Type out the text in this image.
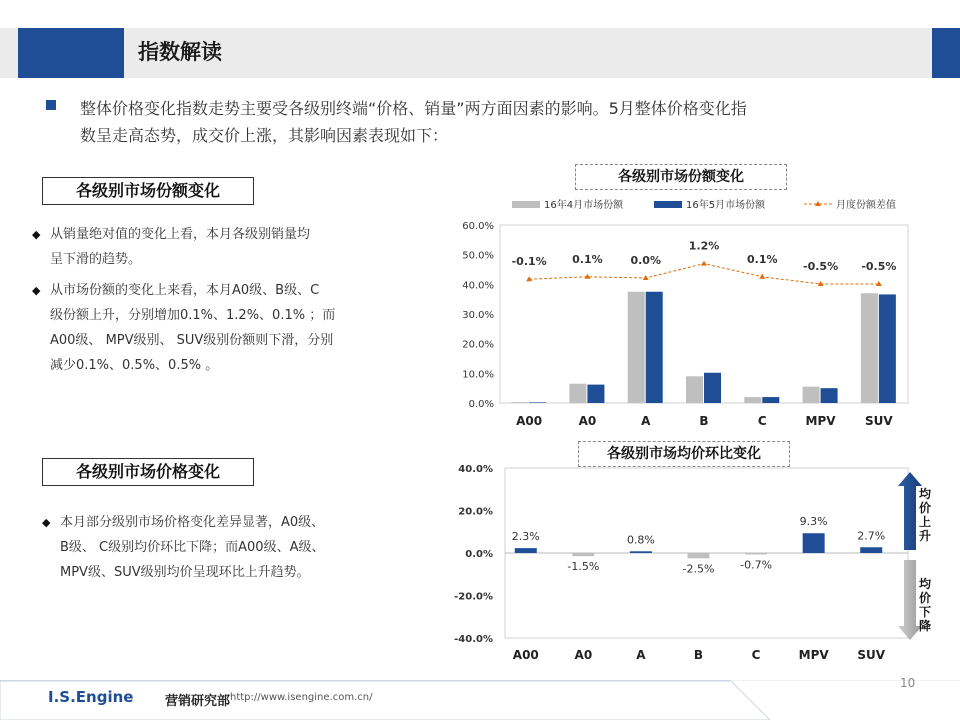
指数解读
整体价格变化指数走势主要受各级别终端“价格、销量”两方面因素的影响。5月整体价格变化指
数呈走高态势，成交价上涨，其影响因素表现如下：
各级别市场份额变化
◆ 从销量绝对值的变化上看，本月各级别销量均
呈下滑的趋势。
◆ 从市场份额的变化上来看，本月A0级、B级、C
级份额上升，分别增加0.1%、1.2%、0.1% ；而
A00级、 MPV级别、 SUV级别份额则下滑，分别
减少0.1%、0.5%、0.5% 。
各级别市场价格变化
◆ 本月部分级别市场价格变化差异显著，A0级、
B级、 C级别均价环比下降；而A00级、A级、
MPV级、SUV级别均价呈现环比上升趋势。
各级别市场份额变化
0.0%
10.0%
20.0%
30.0%
40.0%
50.0%
60.0%
A00	A0	A	B	C	MPV SUV
-0.1% 0.1%	0.0%
1.2%
0.1%
-0.5% -0.5%
16年4月市场份额	16年5月市场份额	月度份额差值
各级别市场均价环比变化
-40.0%
-20.0%
0.0%
20.0%
40.0%
A00
2.3%
A0
-1.5%
A
0.8%
B
-2.5%
C
-0.7%
MPV
9.3%
SUV
2.7%
均价上升
均价下降
I.S.Engine 营销研究部 http://www.isengine.com.cn/
10
